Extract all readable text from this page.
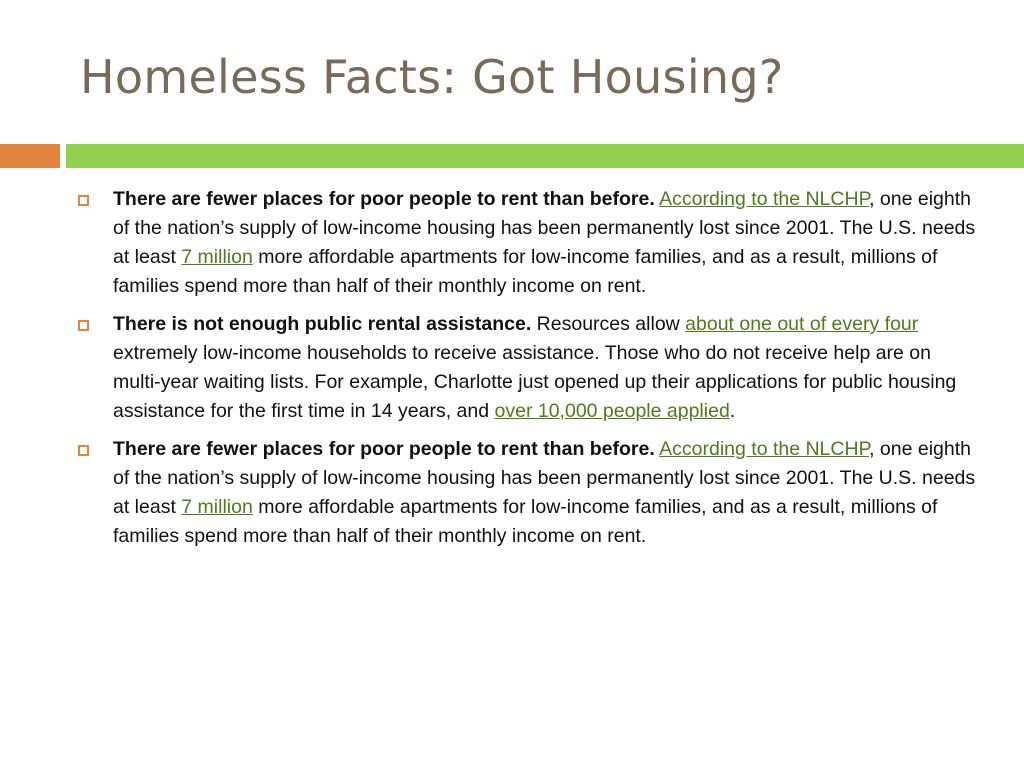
Homeless Facts: Got Housing?
There are fewer places for poor people to rent than before. According to the NLCHP, one eighth of the nation’s supply of low-income housing has been permanently lost since 2001. The U.S. needs at least 7 million more affordable apartments for low-income families, and as a result, millions of families spend more than half of their monthly income on rent.
There is not enough public rental assistance. Resources allow about one out of every four extremely low-income households to receive assistance. Those who do not receive help are on multi-year waiting lists. For example, Charlotte just opened up their applications for public housing assistance for the first time in 14 years, and over 10,000 people applied.
There are fewer places for poor people to rent than before. According to the NLCHP, one eighth of the nation’s supply of low-income housing has been permanently lost since 2001. The U.S. needs at least 7 million more affordable apartments for low-income families, and as a result, millions of families spend more than half of their monthly income on rent.
